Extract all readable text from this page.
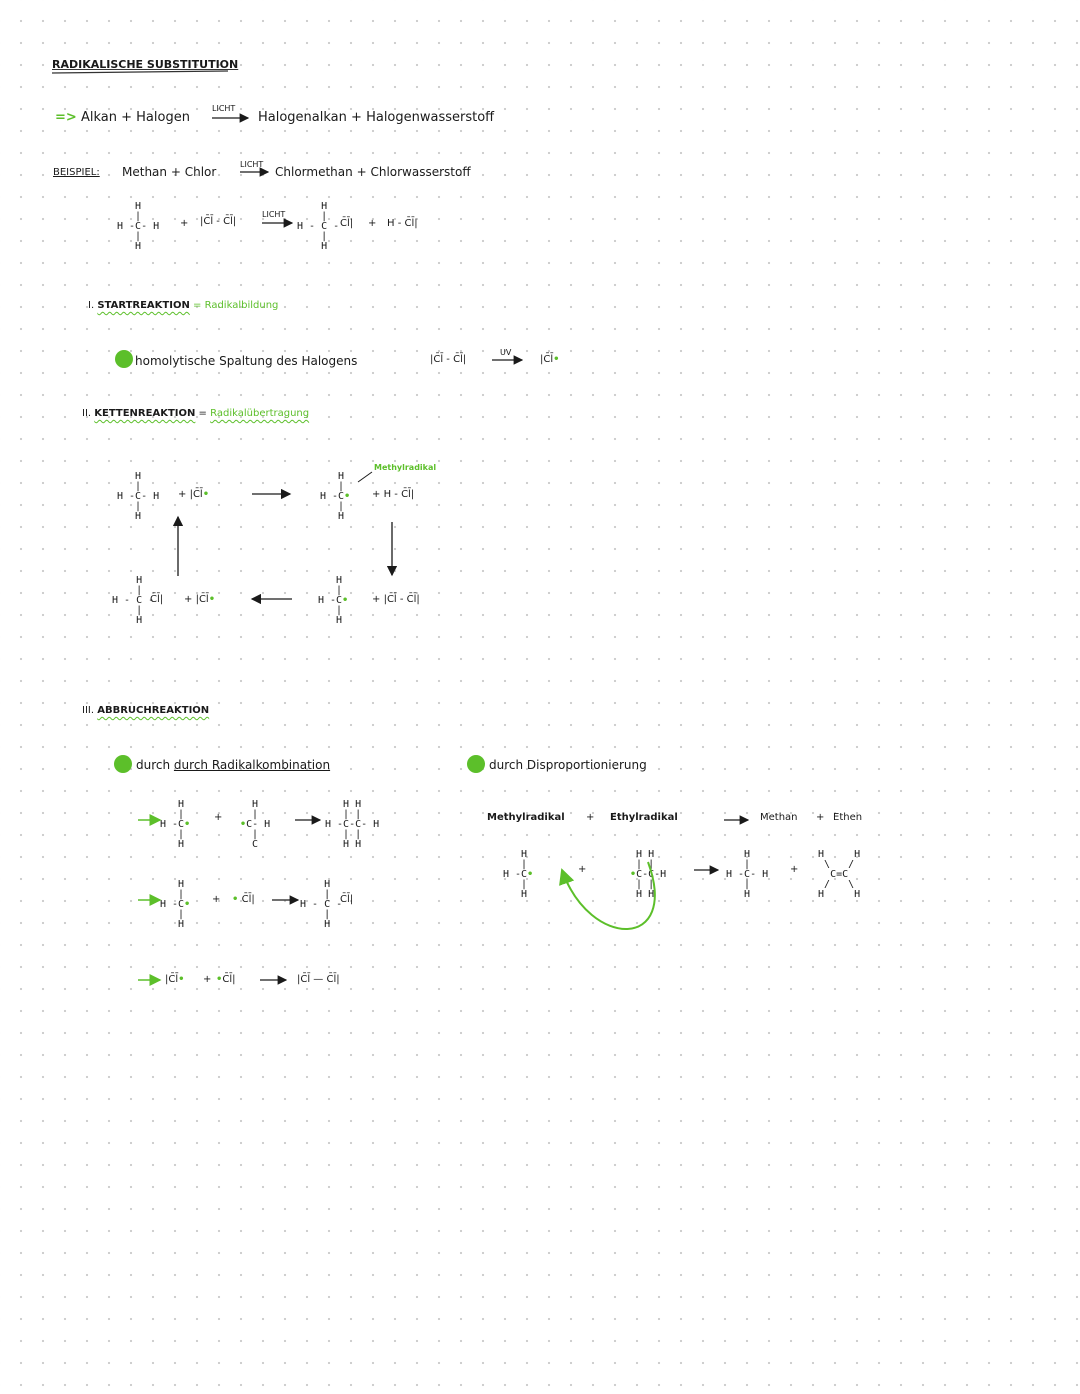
RADIKALISCHE SUBSTITUTION
=> Alkan + Halogen
LICHT
Halogenalkan + Halogenwasserstoff
BEISPIEL: Methan + Chlor
LICHT
Chlormethan + Chlorwasserstoff
H
|
H -C- H
|
H
+ |C̄l̄ - C̄l̄|
LICHT
H
|
H - C - C̄l̄|
|
H
+ H - C̄l̄|
I. STARTREAKTION = Radikalbildung
homolytische Spaltung des Halogens	|C̄l̄ - C̄l̄|
UV
|C̄l̄•
II. KETTENREAKTION = Radikalübertragung
H
|
H -C- H
|
H
+ |C̄l̄•
H
|
H -C•
|
H
Methylradikal
+ H - C̄l̄|
H
|
H - C -
|
H
C̄l̄| + |C̄l̄•
H
|
H -C•
|
H
+ |C̄l̄ - C̄l̄|
III. ABBRUCHREAKTION
durch durch Radikalkombination	durch Disproportionierung
H
|
H -C•
|
H
+
H
|
•C- H
|
C
H H
| |
H -C-C- H
| |
H H
H
|
H -C•
|
H
+ • C̄l̄|
H
|
H - C -
|
H
C̄l̄|
|C̄l̄• + •C̄l̄|	|C̄l̄ — C̄l̄|
Methylradikal + Ethylradikal	Methan + Ethen
H
|
H -C•
|
H
+
H H
| |
•C-C-H
| |
H H
H
|
H -C- H
|
H
+
H     H
\   /
C=C
/   \
H     H
